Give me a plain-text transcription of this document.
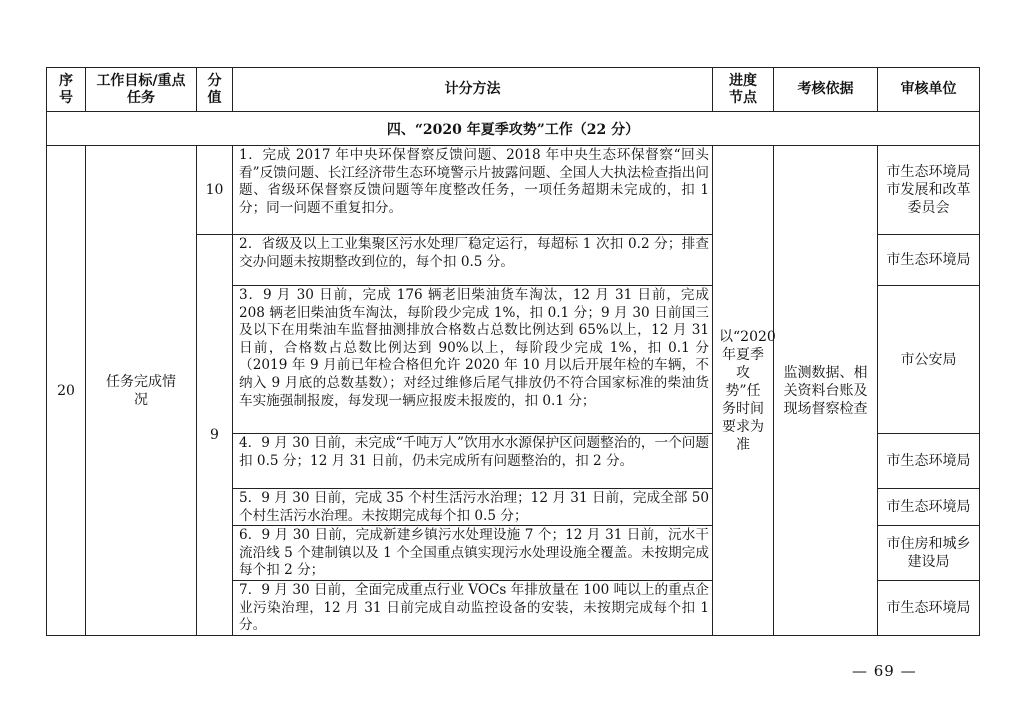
序号	工作目标/重点任务	分值	计分方法	进度节点	考核依据	审核单位
四、“2020 年夏季攻势”工作（22 分）						
20	任务完成情况	10	1．完成 2017 年中央环保督察反馈问题、2018 年中央生态环保督察“回头看”反馈问题、长江经济带生态环境警示片披露问题、全国人大执法检查指出问题、省级环保督察反馈问题等年度整改任务，一项任务超期未完成的，扣 1 分；同一问题不重复扣分。	以“2020 年夏季攻势”任务时间要求为准	监测数据、相关资料台账及现场督察检查	市生态环境局 市发展和改革委员会
		9	2．省级及以上工业集聚区污水处理厂稳定运行，每超标 1 次扣 0.2 分；排查交办问题未按期整改到位的，每个扣 0.5 分。			市生态环境局
			3．9 月 30 日前，完成 176 辆老旧柴油货车淘汰，12 月 31 日前，完成 208 辆老旧柴油货车淘汰，每阶段少完成 1%，扣 0.1 分；9 月 30 日前国三及以下在用柴油车监督抽测排放合格数占总数比例达到 65%以上，12 月 31 日前，合格数占总数比例达到 90%以上，每阶段少完成 1%，扣 0.1 分（2019 年 9 月前已年检合格但允许 2020 年 10 月以后开展年检的车辆，不纳入 9 月底的总数基数）；对经过维修后尾气排放仍不符合国家标准的柴油货车实施强制报废，每发现一辆应报废未报废的，扣 0.1 分；			市公安局
			4．9 月 30 日前，未完成“千吨万人”饮用水水源保护区问题整治的，一个问题扣 0.5 分；12 月 31 日前，仍未完成所有问题整治的，扣 2 分。			市生态环境局
			5．9 月 30 日前，完成 35 个村生活污水治理；12 月 31 日前，完成全部 50 个村生活污水治理。未按期完成每个扣 0.5 分；			市生态环境局
			6．9 月 30 日前，完成新建乡镇污水处理设施 7 个；12 月 31 日前，沅水干流沿线 5 个建制镇以及 1 个全国重点镇实现污水处理设施全覆盖。未按期完成每个扣 2 分；			市住房和城乡建设局
			7．9 月 30 日前，全面完成重点行业 VOCs 年排放量在 100 吨以上的重点企业污染治理，12 月 31 日前完成自动监控设备的安装，未按期完成每个扣 1 分。			市生态环境局
— 69 —
